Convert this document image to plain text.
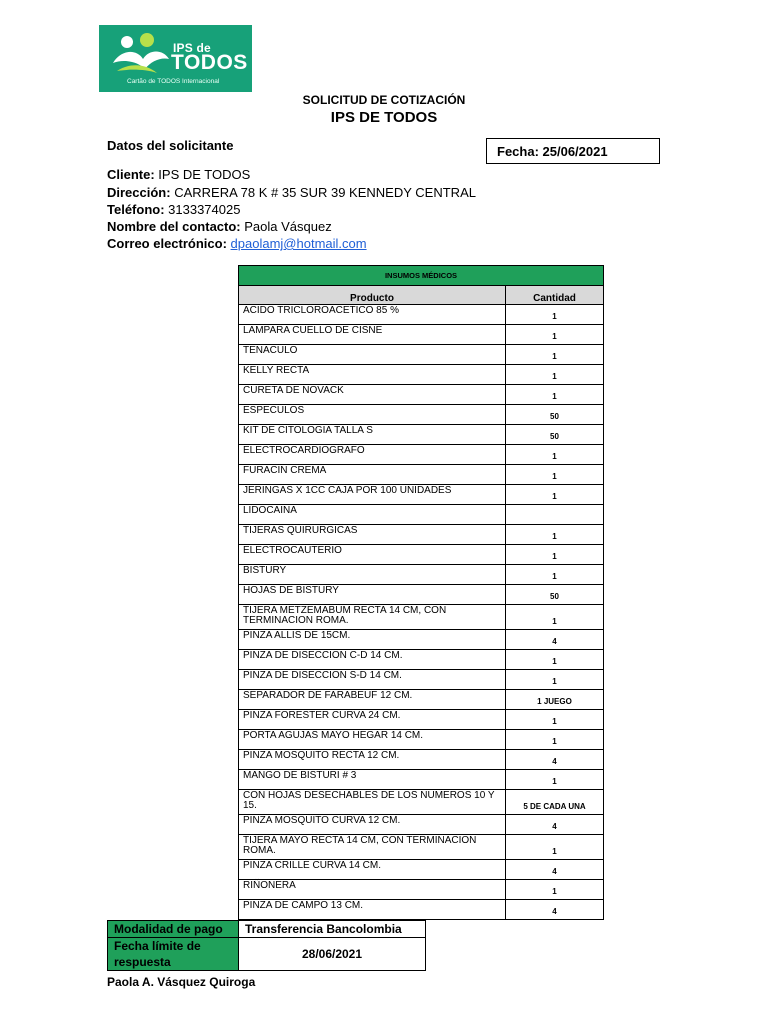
IPS de
TODOS
Cartão de TODOS Internacional
SOLICITUD DE COTIZACIÓN
IPS DE TODOS
Datos del solicitante	Fecha: 25/06/2021
Cliente: IPS DE TODOS
Dirección: CARRERA 78 K # 35 SUR 39 KENNEDY CENTRAL
Teléfono: 3133374025
Nombre del contacto: Paola Vásquez
Correo electrónico: dpaolamj@hotmail.com
INSUMOS MÉDICOS	
Producto	Cantidad
ACIDO TRICLOROACETICO 85 %	1
LAMPARA CUELLO DE CISNE	1
TENACULO	1
KELLY RECTA	1
CURETA DE NOVACK	1
ESPECULOS	50
KIT DE CITOLOGIA TALLA S	50
ELECTROCARDIOGRAFO	1
FURACIN CREMA	1
JERINGAS X 1CC CAJA POR 100 UNIDADES	1
LIDOCAINA	
TIJERAS QUIRURGICAS	1
ELECTROCAUTERIO	1
BISTURY	1
HOJAS DE BISTURY	50
TIJERA METZEMABUM RECTA 14 CM, CON TERMINACION ROMA.	1
PINZA ALLIS DE 15CM.	4
PINZA DE DISECCION C-D 14 CM.	1
PINZA DE DISECCION S-D 14 CM.	1
SEPARADOR DE FARABEUF 12 CM.	1 JUEGO
PINZA FORESTER CURVA 24 CM.	1
PORTA AGUJAS MAYO HEGAR 14 CM.	1
PINZA MOSQUITO RECTA 12 CM.	4
MANGO DE BISTURI # 3	1
CON HOJAS DESECHABLES DE LOS NUMEROS 10 Y 15.	5 DE CADA UNA
PINZA MOSQUITO CURVA 12 CM.	4
TIJERA MAYO RECTA 14 CM, CON TERMINACION ROMA.	1
PINZA CRILLE CURVA 14 CM.	4
RIÑONERA	1
PINZA DE CAMPO 13 CM.	4
Modalidad de pago	Transferencia Bancolombia
Fecha límite de respuesta	28/06/2021
Paola A. Vásquez Quiroga
